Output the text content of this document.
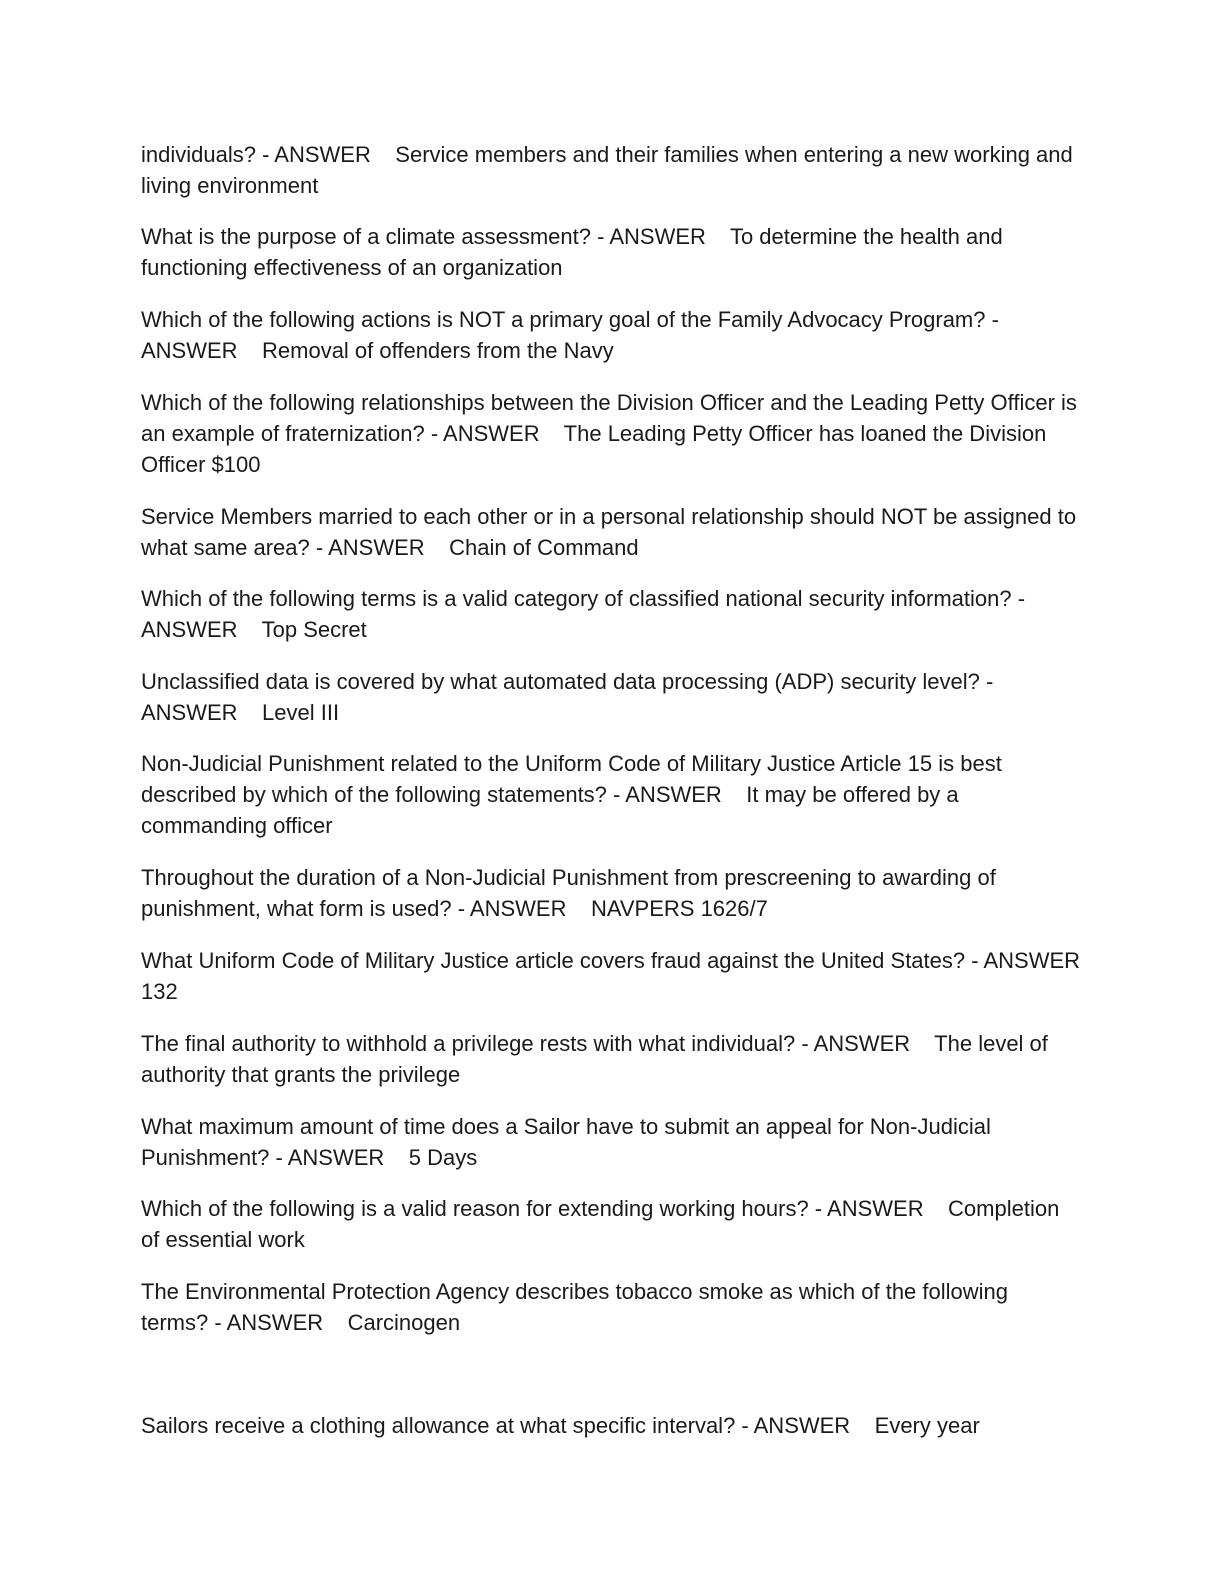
individuals? - ANSWER    Service members and their families when entering a new working and living environment

What is the purpose of a climate assessment? - ANSWER    To determine the health and functioning effectiveness of an organization

Which of the following actions is NOT a primary goal of the Family Advocacy Program? - ANSWER    Removal of offenders from the Navy

Which of the following relationships between the Division Officer and the Leading Petty Officer is an example of fraternization? - ANSWER    The Leading Petty Officer has loaned the Division Officer $100

Service Members married to each other or in a personal relationship should NOT be assigned to what same area? - ANSWER    Chain of Command

Which of the following terms is a valid category of classified national security information? - ANSWER    Top Secret

Unclassified data is covered by what automated data processing (ADP) security level? - ANSWER    Level III

Non-Judicial Punishment related to the Uniform Code of Military Justice Article 15 is best described by which of the following statements? - ANSWER    It may be offered by a commanding officer

Throughout the duration of a Non-Judicial Punishment from prescreening to awarding of punishment, what form is used? - ANSWER    NAVPERS 1626/7

What Uniform Code of Military Justice article covers fraud against the United States? - ANSWER    132

The final authority to withhold a privilege rests with what individual? - ANSWER    The level of authority that grants the privilege

What maximum amount of time does a Sailor have to submit an appeal for Non-Judicial Punishment? - ANSWER    5 Days

Which of the following is a valid reason for extending working hours? - ANSWER    Completion of essential work

The Environmental Protection Agency describes tobacco smoke as which of the following terms? - ANSWER    Carcinogen

Sailors receive a clothing allowance at what specific interval? - ANSWER    Every year
